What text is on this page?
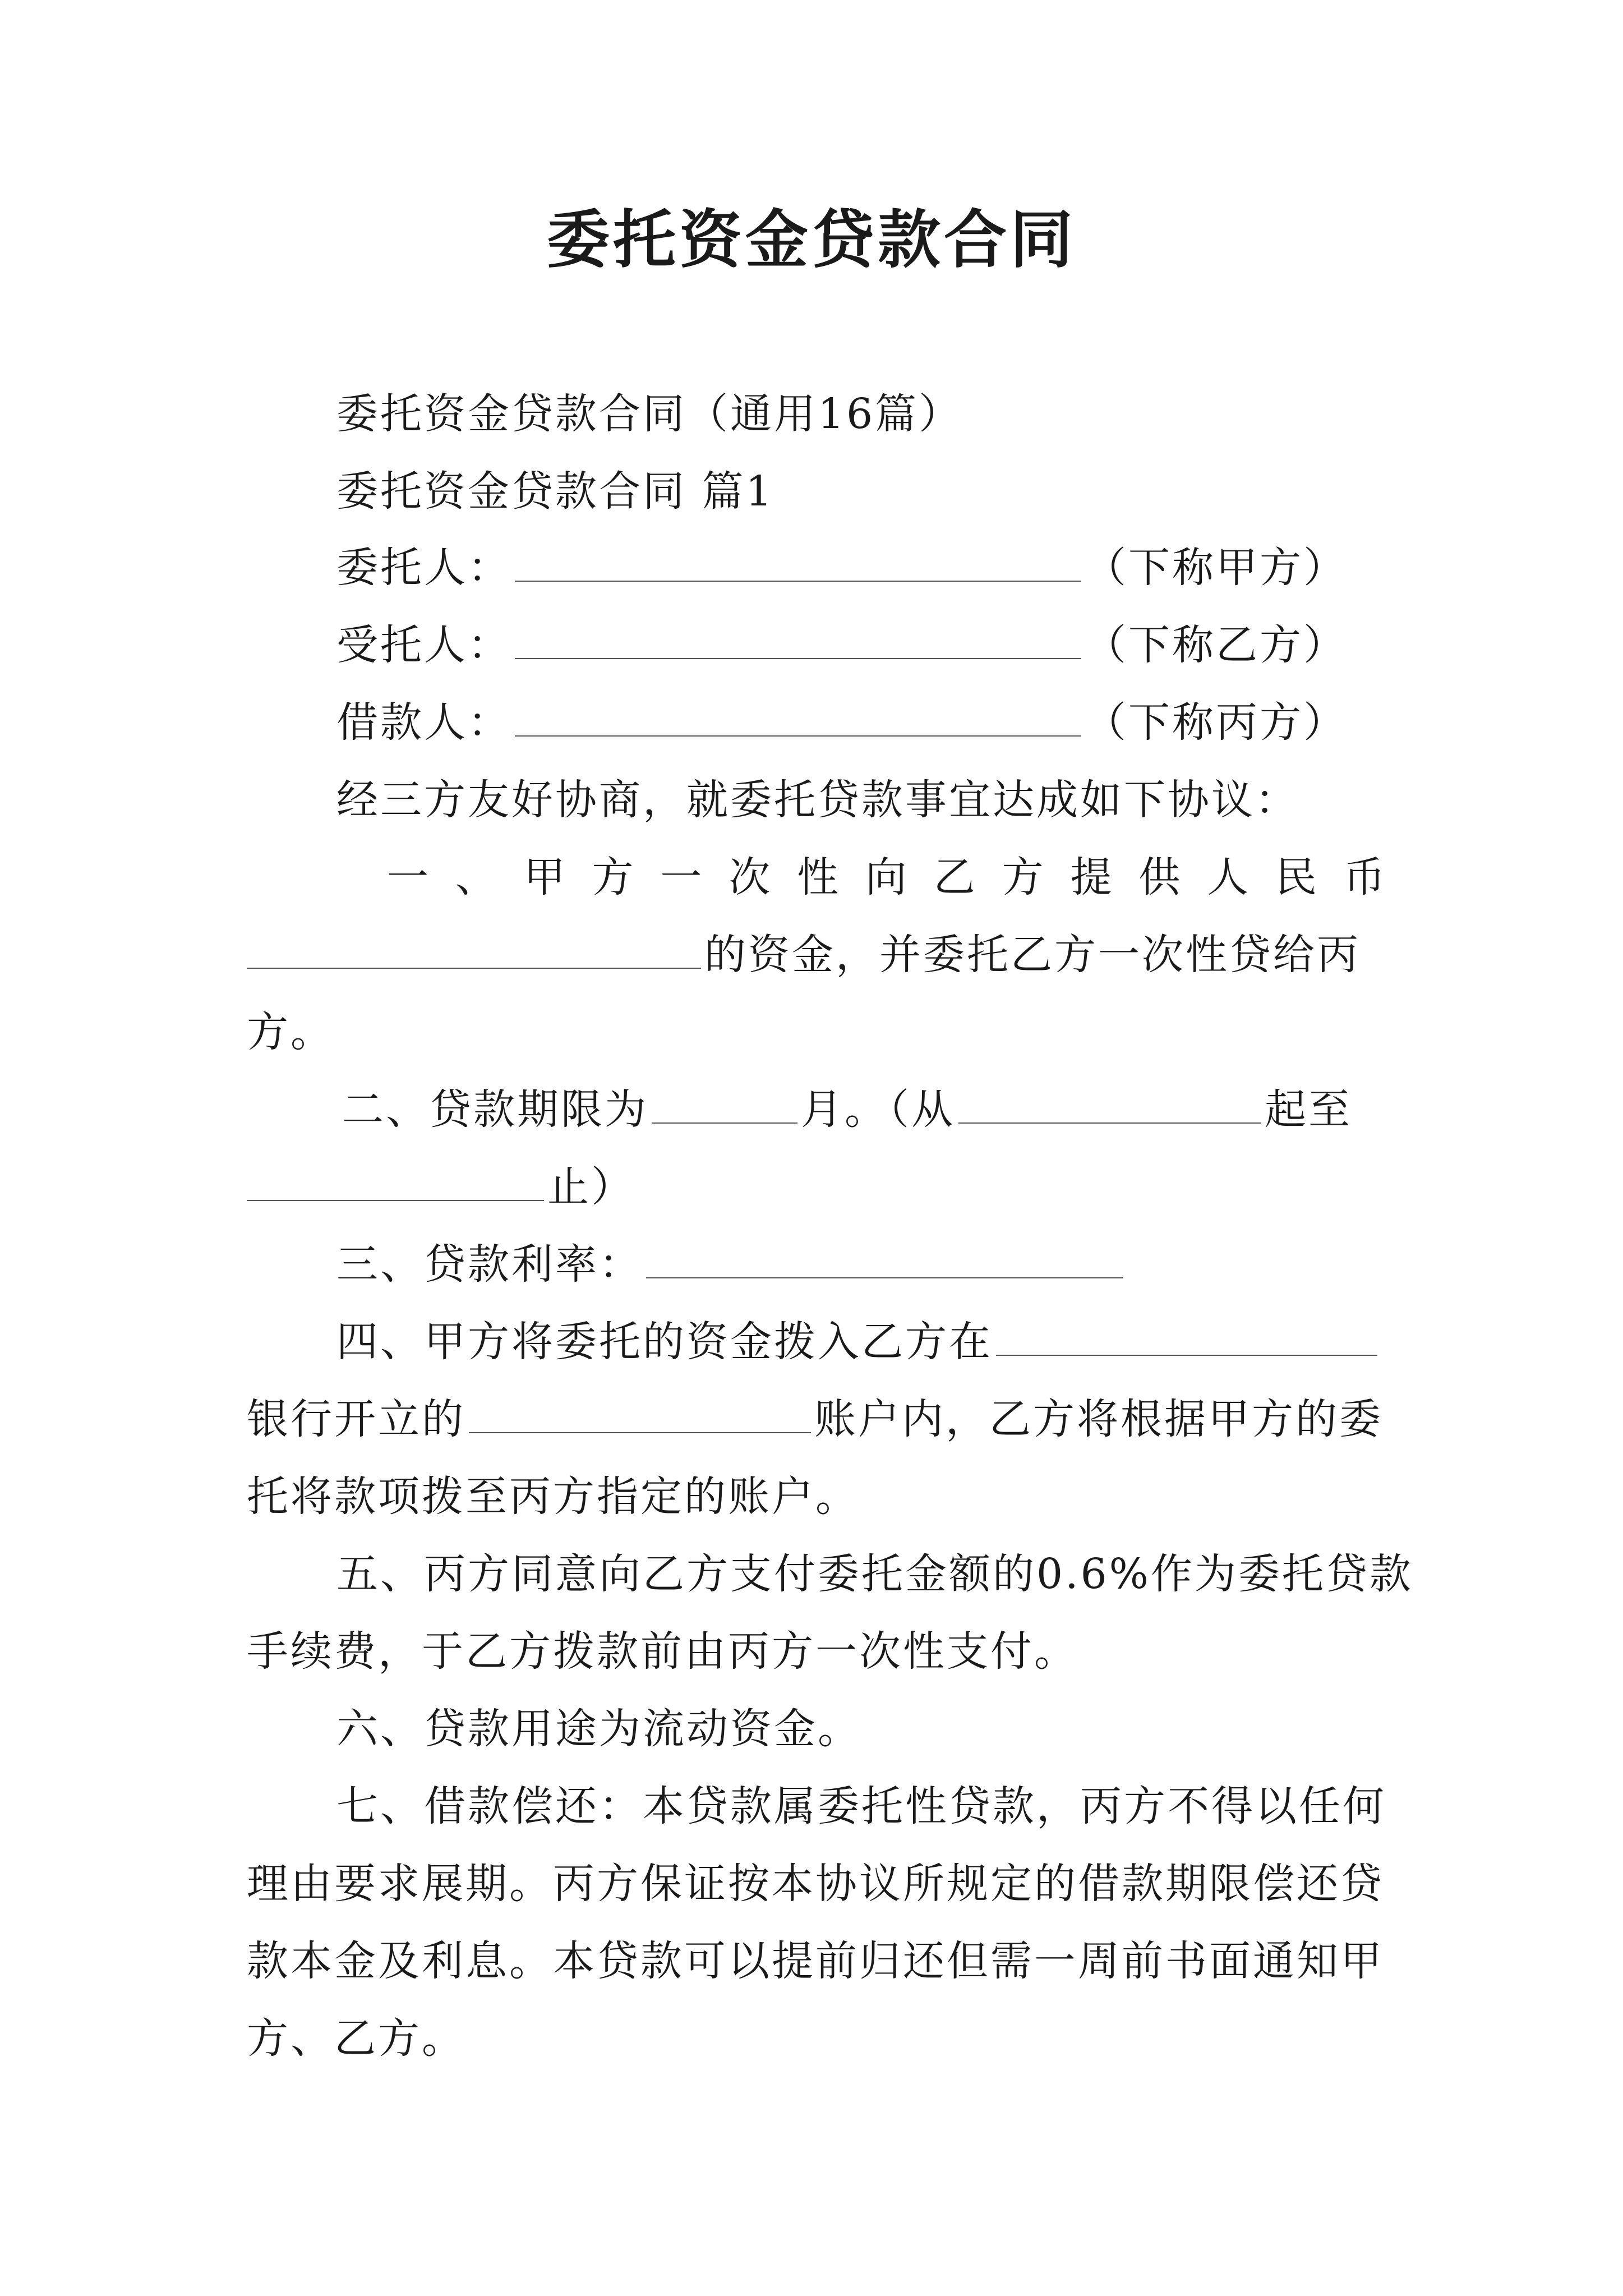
委托资金贷款合同
委托资金贷款合同（通用16篇）
委托资金贷款合同 篇1
委托人：	（下称甲方）
受托人：	（下称乙方）
借款人：	（下称丙方）
经三方友好协商，就委托贷款事宜达成如下协议：
一 、 甲 方 一 次 性 向 乙 方 提 供 人 民 币
的资金，并委托乙方一次性贷给丙
方。
二、贷款期限为	月。（从	起至
止）
三、贷款利率：
四、甲方将委托的资金拨入乙方在
银行开立的	账户内，乙方将根据甲方的委
托将款项拨至丙方指定的账户。
五、丙方同意向乙方支付委托金额的0.6%作为委托贷款
手续费，于乙方拨款前由丙方一次性支付。
六、贷款用途为流动资金。
七、借款偿还：本贷款属委托性贷款，丙方不得以任何
理由要求展期。丙方保证按本协议所规定的借款期限偿还贷
款本金及利息。本贷款可以提前归还但需一周前书面通知甲
方、乙方。
